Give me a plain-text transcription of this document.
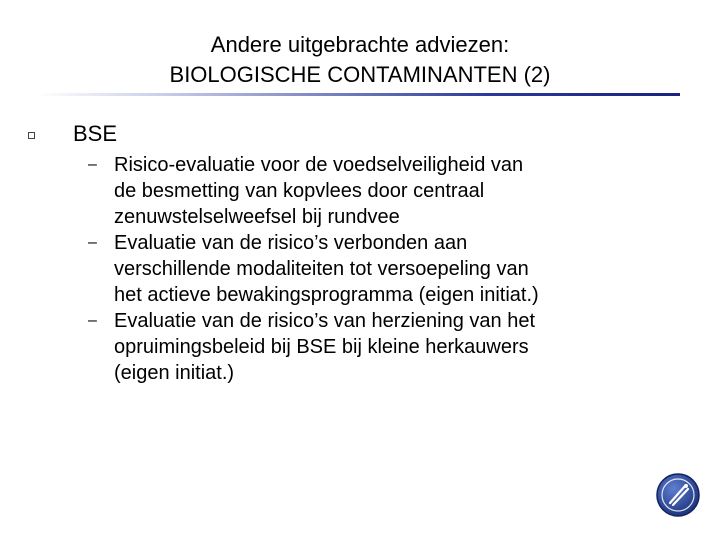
Andere uitgebrachte adviezen:
BIOLOGISCHE CONTAMINANTEN (2)
BSE
– Risico-evaluatie voor de voedselveiligheid van
de besmetting van kopvlees door centraal
zenuwstelselweefsel bij rundvee
– Evaluatie van de risico’s verbonden aan
verschillende modaliteiten tot versoepeling van
het actieve bewakingsprogramma (eigen initiat.)
– Evaluatie van de risico’s van herziening van het
opruimingsbeleid bij BSE bij kleine herkauwers
(eigen initiat.)
